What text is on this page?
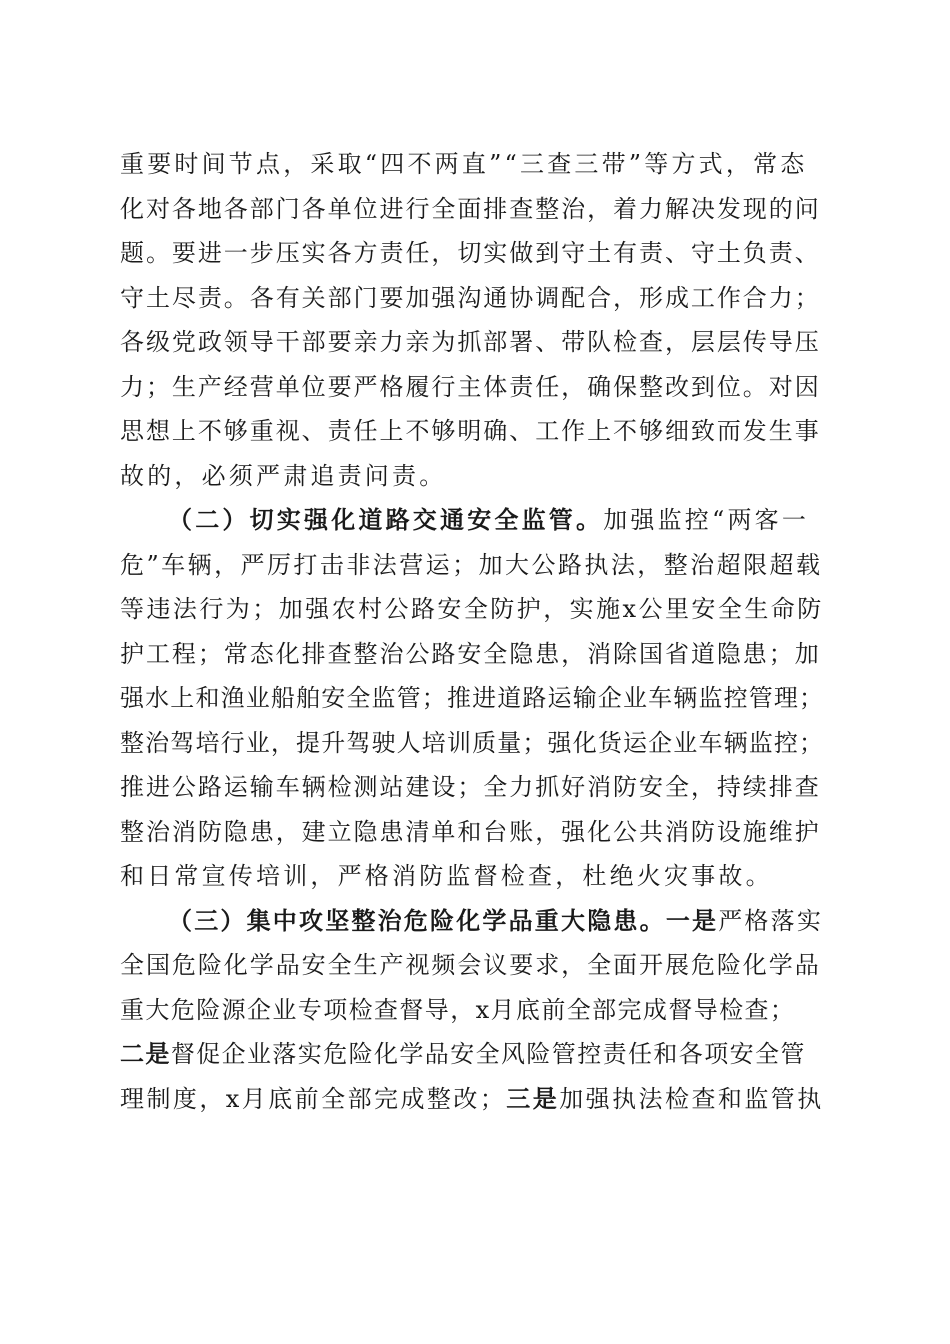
重要时间节点，采取“四不两直”“三查三带”等方式，常态
化对各地各部门各单位进行全面排查整治，着力解决发现的问
题。要进一步压实各方责任，切实做到守土有责、守土负责、
守土尽责。各有关部门要加强沟通协调配合，形成工作合力；
各级党政领导干部要亲力亲为抓部署、带队检查，层层传导压
力；生产经营单位要严格履行主体责任，确保整改到位。对因
思想上不够重视、责任上不够明确、工作上不够细致而发生事
故的，必须严肃追责问责。
（二）切实强化道路交通安全监管。加强监控“两客一
危”车辆，严厉打击非法营运；加大公路执法，整治超限超载
等违法行为；加强农村公路安全防护，实施x公里安全生命防
护工程；常态化排查整治公路安全隐患，消除国省道隐患；加
强水上和渔业船舶安全监管；推进道路运输企业车辆监控管理；
整治驾培行业，提升驾驶人培训质量；强化货运企业车辆监控；
推进公路运输车辆检测站建设；全力抓好消防安全，持续排查
整治消防隐患，建立隐患清单和台账，强化公共消防设施维护
和日常宣传培训，严格消防监督检查，杜绝火灾事故。
（三）集中攻坚整治危险化学品重大隐患。一是严格落实
全国危险化学品安全生产视频会议要求，全面开展危险化学品
重大危险源企业专项检查督导，x月底前全部完成督导检查；
二是督促企业落实危险化学品安全风险管控责任和各项安全管
理制度，x月底前全部完成整改；三是加强执法检查和监管执
